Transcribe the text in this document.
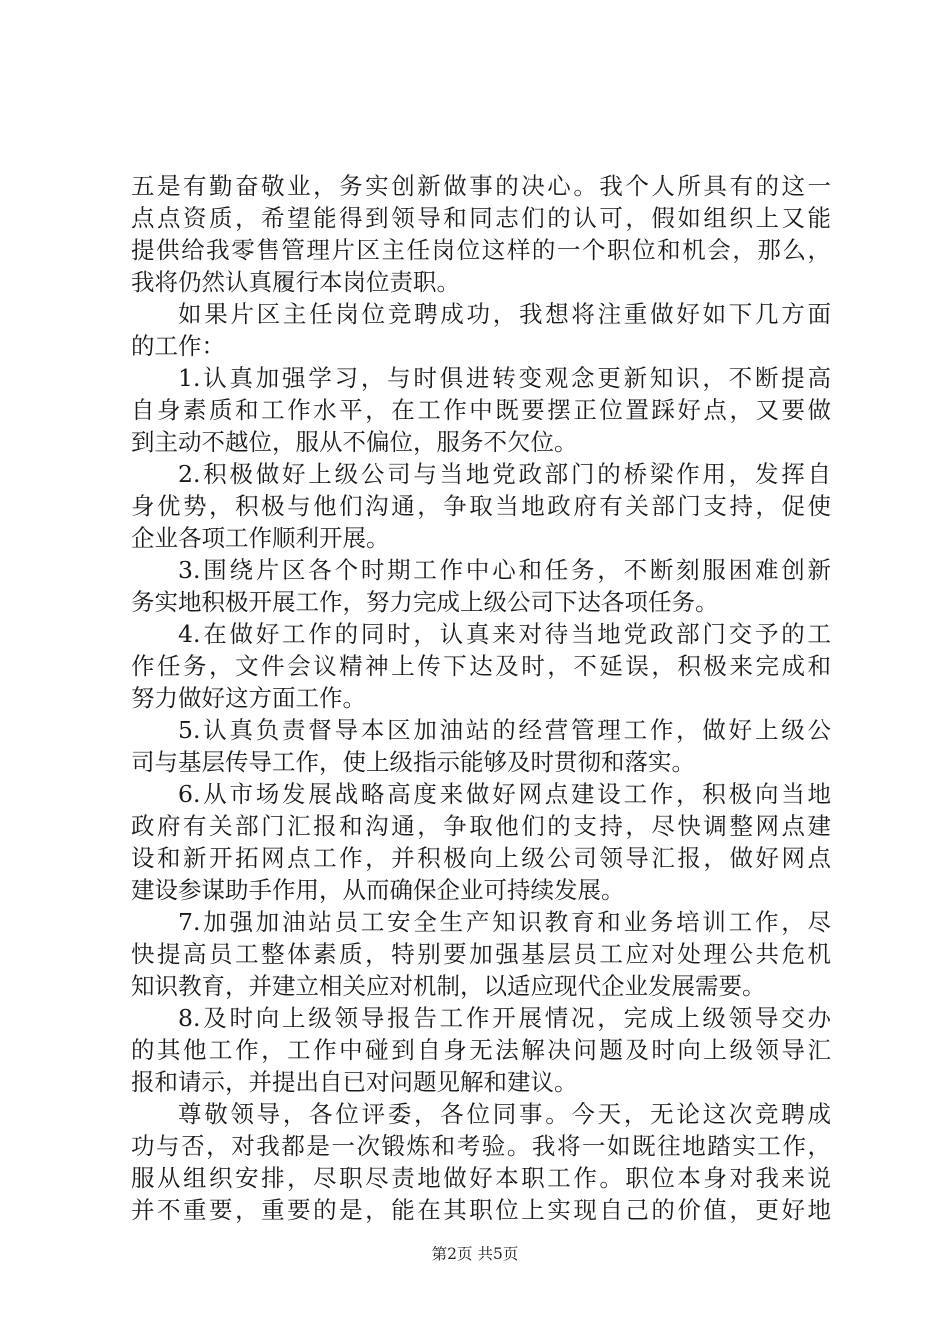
五是有勤奋敬业，务实创新做事的决心。我个人所具有的这一
点点资质，希望能得到领导和同志们的认可，假如组织上又能
提供给我零售管理片区主任岗位这样的一个职位和机会，那么，
我将仍然认真履行本岗位责职。
如果片区主任岗位竞聘成功，我想将注重做好如下几方面
的工作：
1.认真加强学习，与时俱进转变观念更新知识，不断提高
自身素质和工作水平，在工作中既要摆正位置踩好点，又要做
到主动不越位，服从不偏位，服务不欠位。
2.积极做好上级公司与当地党政部门的桥梁作用，发挥自
身优势，积极与他们沟通，争取当地政府有关部门支持，促使
企业各项工作顺利开展。
3.围绕片区各个时期工作中心和任务，不断刻服困难创新
务实地积极开展工作，努力完成上级公司下达各项任务。
4.在做好工作的同时，认真来对待当地党政部门交予的工
作任务，文件会议精神上传下达及时，不延误，积极来完成和
努力做好这方面工作。
5.认真负责督导本区加油站的经营管理工作，做好上级公
司与基层传导工作，使上级指示能够及时贯彻和落实。
6.从市场发展战略高度来做好网点建设工作，积极向当地
政府有关部门汇报和沟通，争取他们的支持，尽快调整网点建
设和新开拓网点工作，并积极向上级公司领导汇报，做好网点
建设参谋助手作用，从而确保企业可持续发展。
7.加强加油站员工安全生产知识教育和业务培训工作，尽
快提高员工整体素质，特别要加强基层员工应对处理公共危机
知识教育，并建立相关应对机制，以适应现代企业发展需要。
8.及时向上级领导报告工作开展情况，完成上级领导交办
的其他工作，工作中碰到自身无法解决问题及时向上级领导汇
报和请示，并提出自已对问题见解和建议。
尊敬领导，各位评委，各位同事。今天，无论这次竞聘成
功与否，对我都是一次锻炼和考验。我将一如既往地踏实工作，
服从组织安排，尽职尽责地做好本职工作。职位本身对我来说
并不重要，重要的是，能在其职位上实现自己的价值，更好地
第2页 共5页
